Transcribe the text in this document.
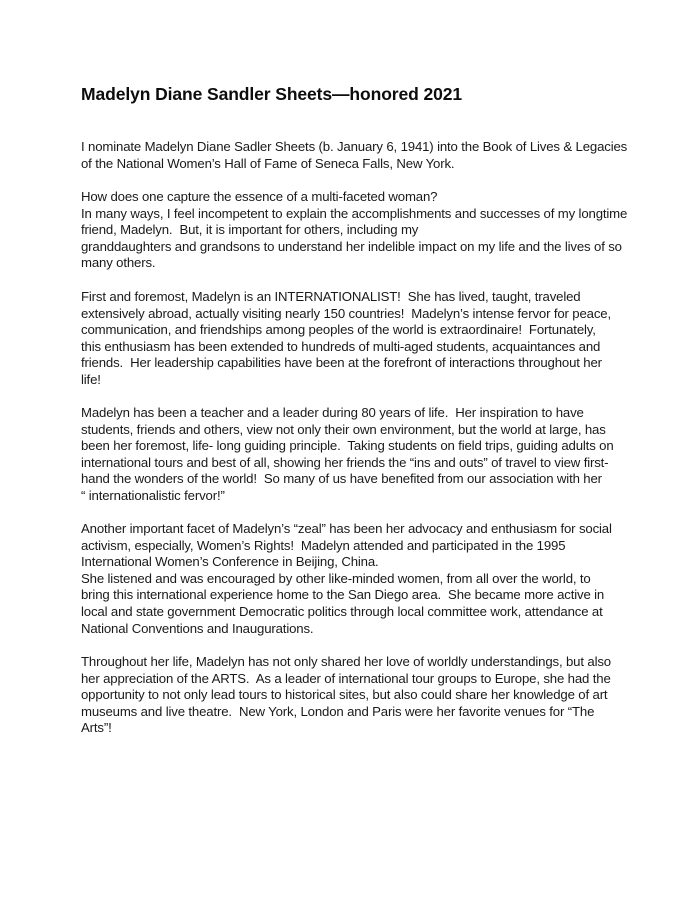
Madelyn Diane Sandler Sheets—honored 2021
I nominate Madelyn Diane Sadler Sheets (b. January 6, 1941) into the Book of Lives & Legacies
of the National Women’s Hall of Fame of Seneca Falls, New York.
How does one capture the essence of a multi-faceted woman?
In many ways, I feel incompetent to explain the accomplishments and successes of my longtime
friend, Madelyn.  But, it is important for others, including my
granddaughters and grandsons to understand her indelible impact on my life and the lives of so
many others.
First and foremost, Madelyn is an INTERNATIONALIST!  She has lived, taught, traveled
extensively abroad, actually visiting nearly 150 countries!  Madelyn’s intense fervor for peace,
communication, and friendships among peoples of the world is extraordinaire!  Fortunately,
this enthusiasm has been extended to hundreds of multi-aged students, acquaintances and
friends.  Her leadership capabilities have been at the forefront of interactions throughout her
life!
Madelyn has been a teacher and a leader during 80 years of life.  Her inspiration to have
students, friends and others, view not only their own environment, but the world at large, has
been her foremost, life- long guiding principle.  Taking students on field trips, guiding adults on
international tours and best of all, showing her friends the “ins and outs” of travel to view first-
hand the wonders of the world!  So many of us have benefited from our association with her
“ internationalistic fervor!”
Another important facet of Madelyn’s “zeal” has been her advocacy and enthusiasm for social
activism, especially, Women’s Rights!  Madelyn attended and participated in the 1995
International Women’s Conference in Beijing, China.
She listened and was encouraged by other like-minded women, from all over the world, to
bring this international experience home to the San Diego area.  She became more active in
local and state government Democratic politics through local committee work, attendance at
National Conventions and Inaugurations.
Throughout her life, Madelyn has not only shared her love of worldly understandings, but also
her appreciation of the ARTS.  As a leader of international tour groups to Europe, she had the
opportunity to not only lead tours to historical sites, but also could share her knowledge of art
museums and live theatre.  New York, London and Paris were her favorite venues for “The
Arts”!
